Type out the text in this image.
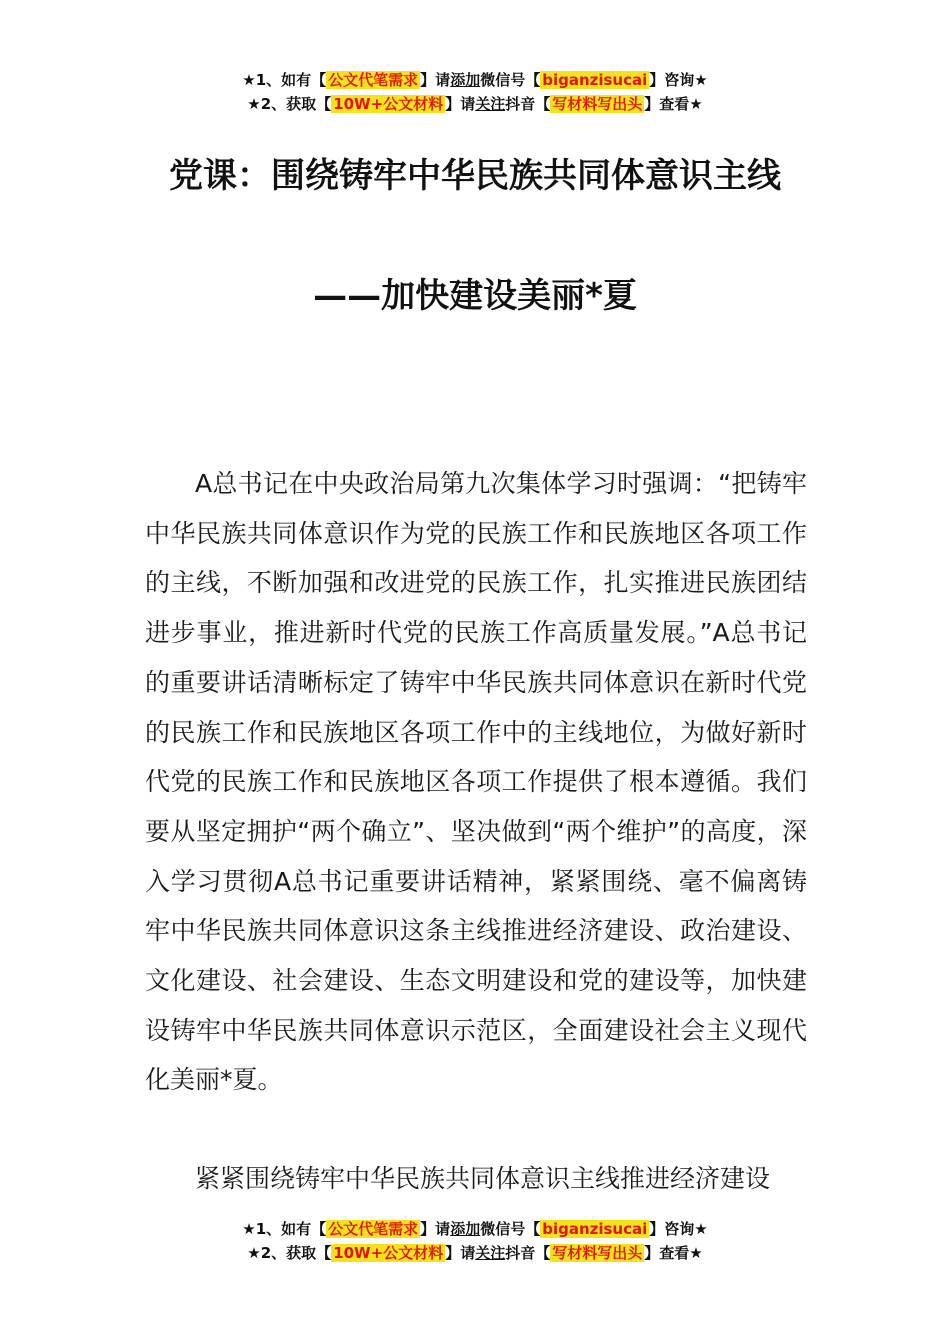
★1、如有【 公文代笔需求 】请添加微信号【 biganzisucai 】咨询★
★2、获取【 10W+公文材料 】请关注抖音【 写材料写出头 】查看★
党课：围绕铸牢中华民族共同体意识主线
——加快建设美丽*夏
A总书记在中央政治局第九次集体学习时强调：“把铸牢中华民族共同体意识作为党的民族工作和民族地区各项工作的主线，不断加强和改进党的民族工作，扎实推进民族团结进步事业，推进新时代党的民族工作高质量发展。”A总书记的重要讲话清晰标定了铸牢中华民族共同体意识在新时代党的民族工作和民族地区各项工作中的主线地位，为做好新时代党的民族工作和民族地区各项工作提供了根本遵循。我们要从坚定拥护“两个确立”、坚决做到“两个维护”的高度，深入学习贯彻A总书记重要讲话精神，紧紧围绕、毫不偏离铸牢中华民族共同体意识这条主线推进经济建设、政治建设、文化建设、社会建设、生态文明建设和党的建设等，加快建设铸牢中华民族共同体意识示范区，全面建设社会主义现代化美丽*夏。
紧紧围绕铸牢中华民族共同体意识主线推进经济建设
★1、如有【 公文代笔需求 】请添加微信号【 biganzisucai 】咨询★
★2、获取【 10W+公文材料 】请关注抖音【 写材料写出头 】查看★
